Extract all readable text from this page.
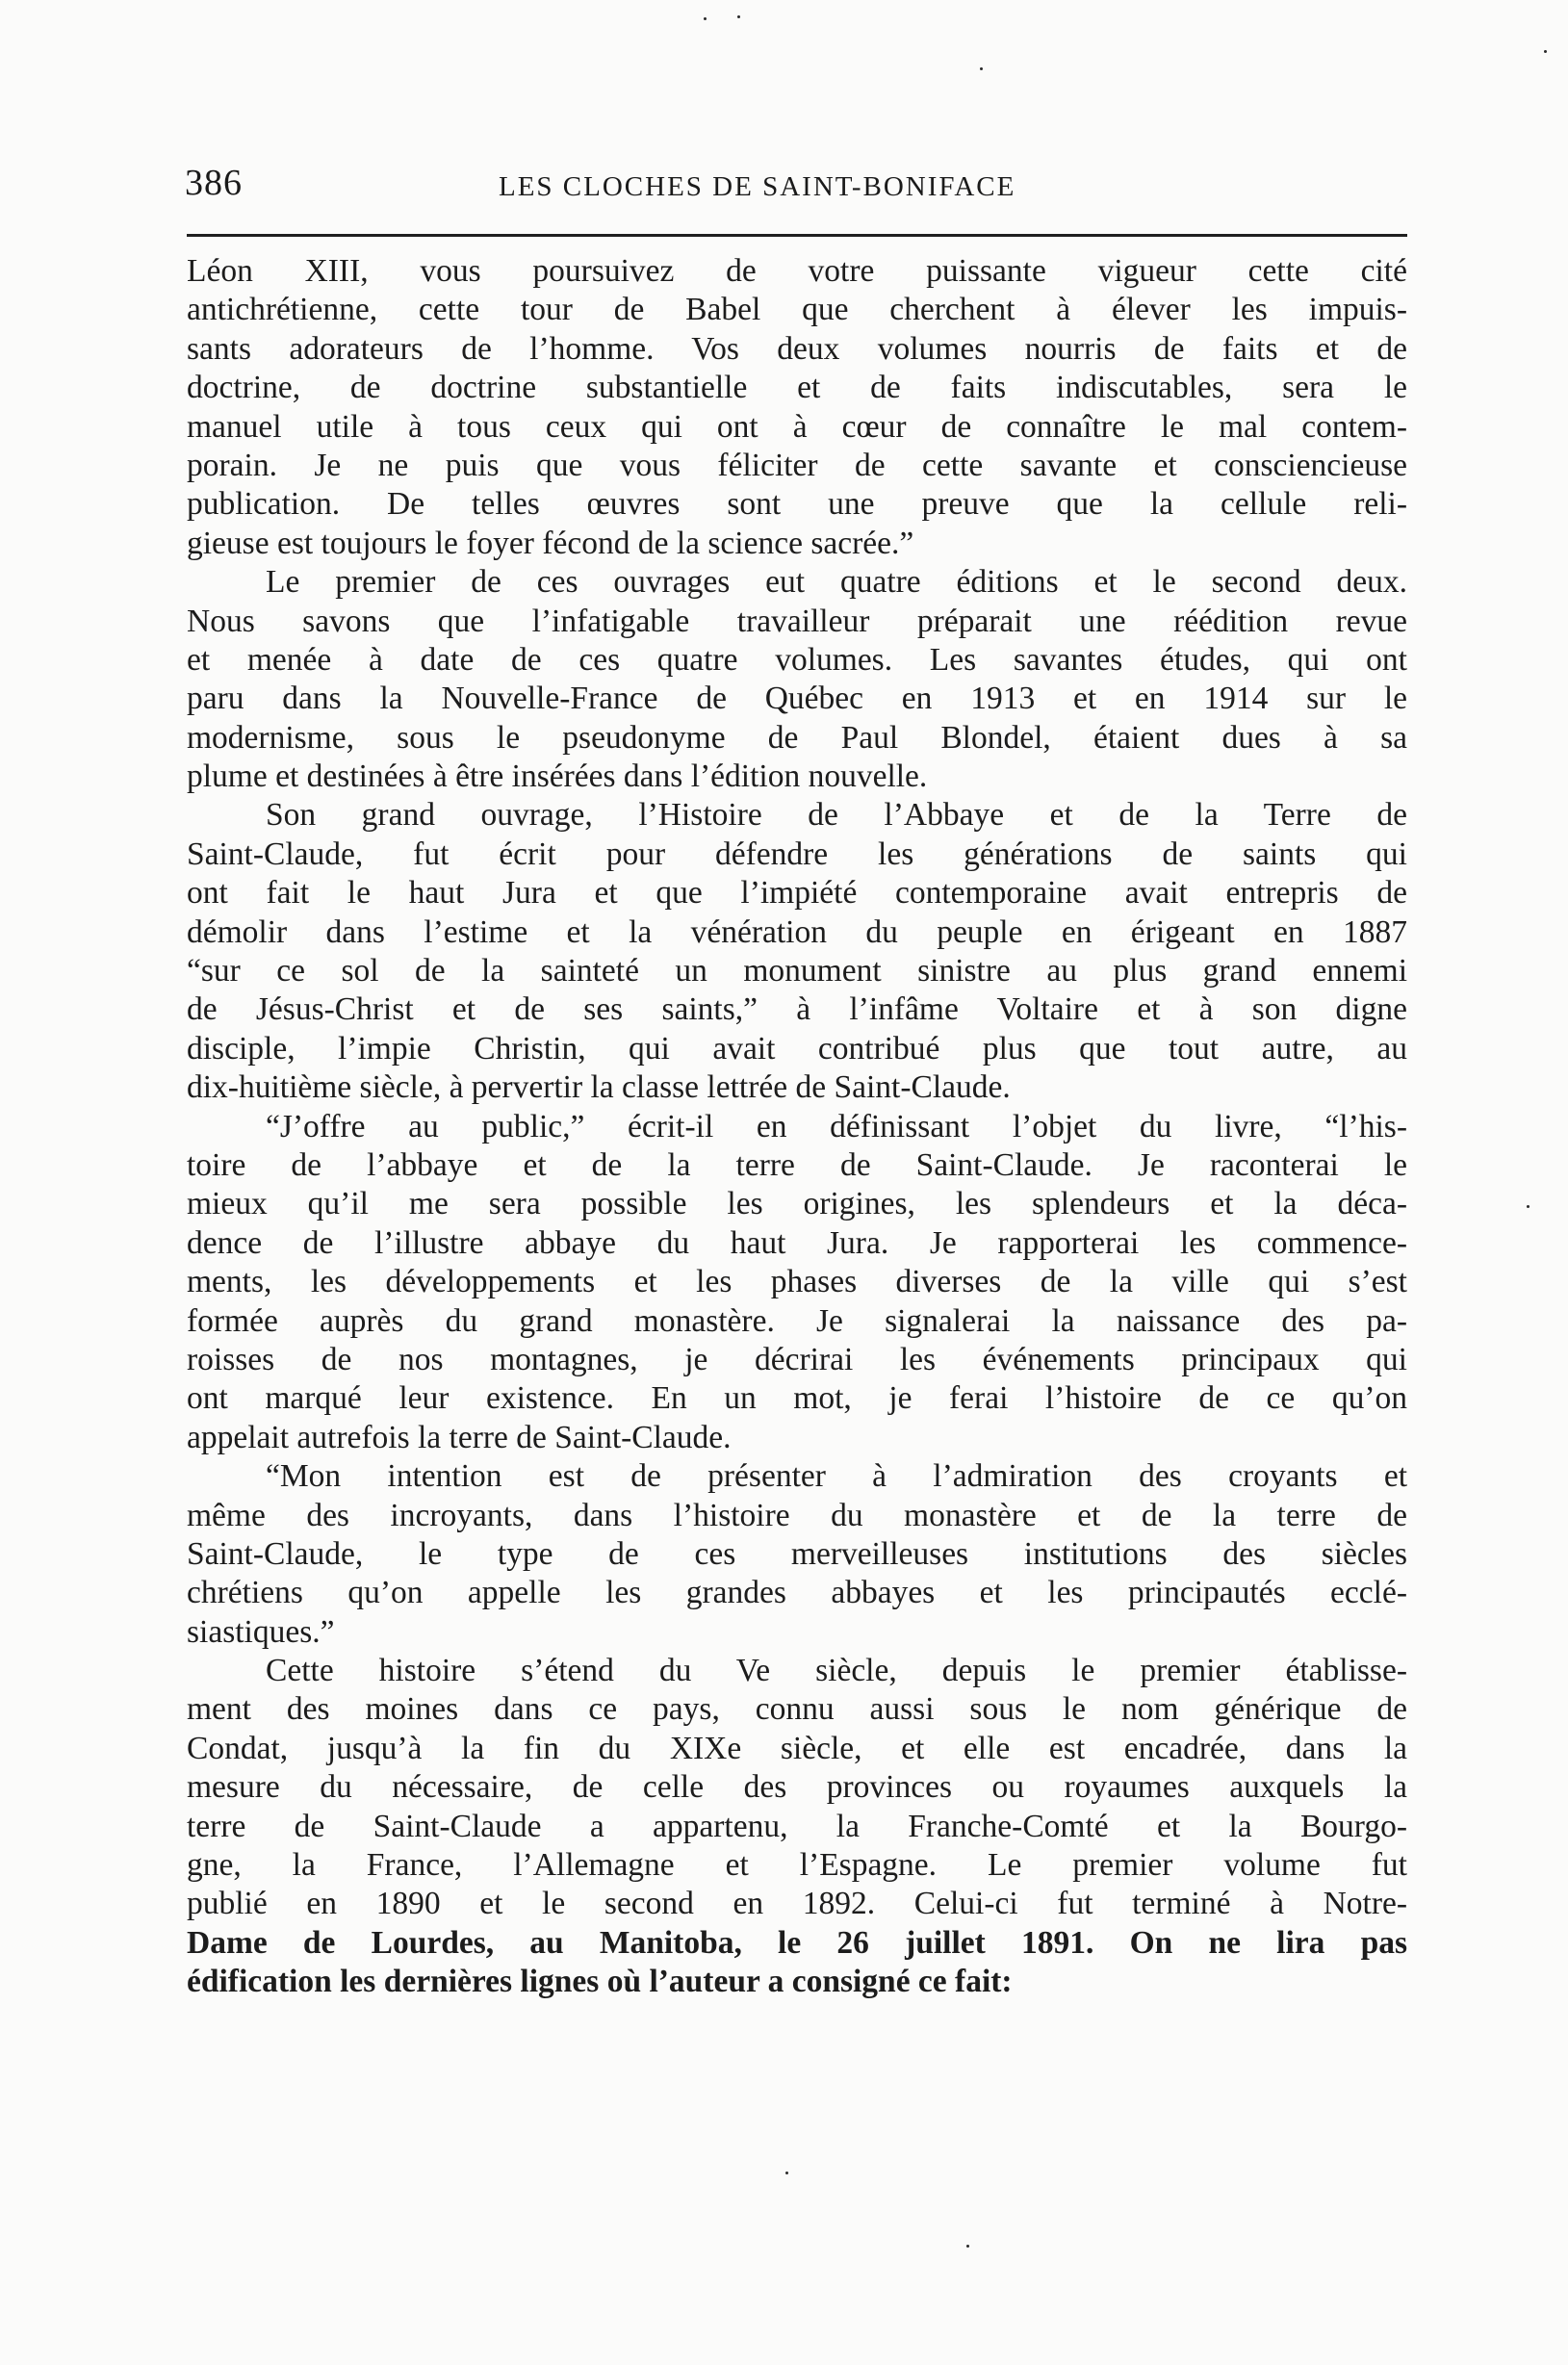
386	LES CLOCHES DE SAINT-BONIFACE
Léon XIII, vous poursuivez de votre puissante vigueur cette cité
antichrétienne, cette tour de Babel que cherchent à élever les impuis-
sants adorateurs de l’homme. Vos deux volumes nourris de faits et de
doctrine, de doctrine substantielle et de faits indiscutables, sera le
manuel utile à tous ceux qui ont à cœur de connaître le mal contem-
porain. Je ne puis que vous féliciter de cette savante et consciencieuse
publication. De telles œuvres sont une preuve que la cellule reli-
gieuse est toujours le foyer fécond de la science sacrée.”
Le premier de ces ouvrages eut quatre éditions et le second deux.
Nous savons que l’infatigable travailleur préparait une réédition revue
et menée à date de ces quatre volumes. Les savantes études, qui ont
paru dans la Nouvelle-France de Québec en 1913 et en 1914 sur le
modernisme, sous le pseudonyme de Paul Blondel, étaient dues à sa
plume et destinées à être insérées dans l’édition nouvelle.
Son grand ouvrage, l’Histoire de l’Abbaye et de la Terre de
Saint-Claude, fut écrit pour défendre les générations de saints qui
ont fait le haut Jura et que l’impiété contemporaine avait entrepris de
démolir dans l’estime et la vénération du peuple en érigeant en 1887
“sur ce sol de la sainteté un monument sinistre au plus grand ennemi
de Jésus-Christ et de ses saints,” à l’infâme Voltaire et à son digne
disciple, l’impie Christin, qui avait contribué plus que tout autre, au
dix-huitième siècle, à pervertir la classe lettrée de Saint-Claude.
“J’offre au public,” écrit-il en définissant l’objet du livre, “l’his-
toire de l’abbaye et de la terre de Saint-Claude. Je raconterai le
mieux qu’il me sera possible les origines, les splendeurs et la déca-
dence de l’illustre abbaye du haut Jura. Je rapporterai les commence-
ments, les développements et les phases diverses de la ville qui s’est
formée auprès du grand monastère. Je signalerai la naissance des pa-
roisses de nos montagnes, je décrirai les événements principaux qui
ont marqué leur existence. En un mot, je ferai l’histoire de ce qu’on
appelait autrefois la terre de Saint-Claude.
“Mon intention est de présenter à l’admiration des croyants et
même des incroyants, dans l’histoire du monastère et de la terre de
Saint-Claude, le type de ces merveilleuses institutions des siècles
chrétiens qu’on appelle les grandes abbayes et les principautés ecclé-
siastiques.”
Cette histoire s’étend du Ve siècle, depuis le premier établisse-
ment des moines dans ce pays, connu aussi sous le nom générique de
Condat, jusqu’à la fin du XIXe siècle, et elle est encadrée, dans la
mesure du nécessaire, de celle des provinces ou royaumes auxquels la
terre de Saint-Claude a appartenu, la Franche-Comté et la Bourgo-
gne, la France, l’Allemagne et l’Espagne. Le premier volume fut
publié en 1890 et le second en 1892. Celui-ci fut terminé à Notre-
Dame de Lourdes, au Manitoba, le 26 juillet 1891. On ne lira pas
édification les dernières lignes où l’auteur a consigné ce fait:
